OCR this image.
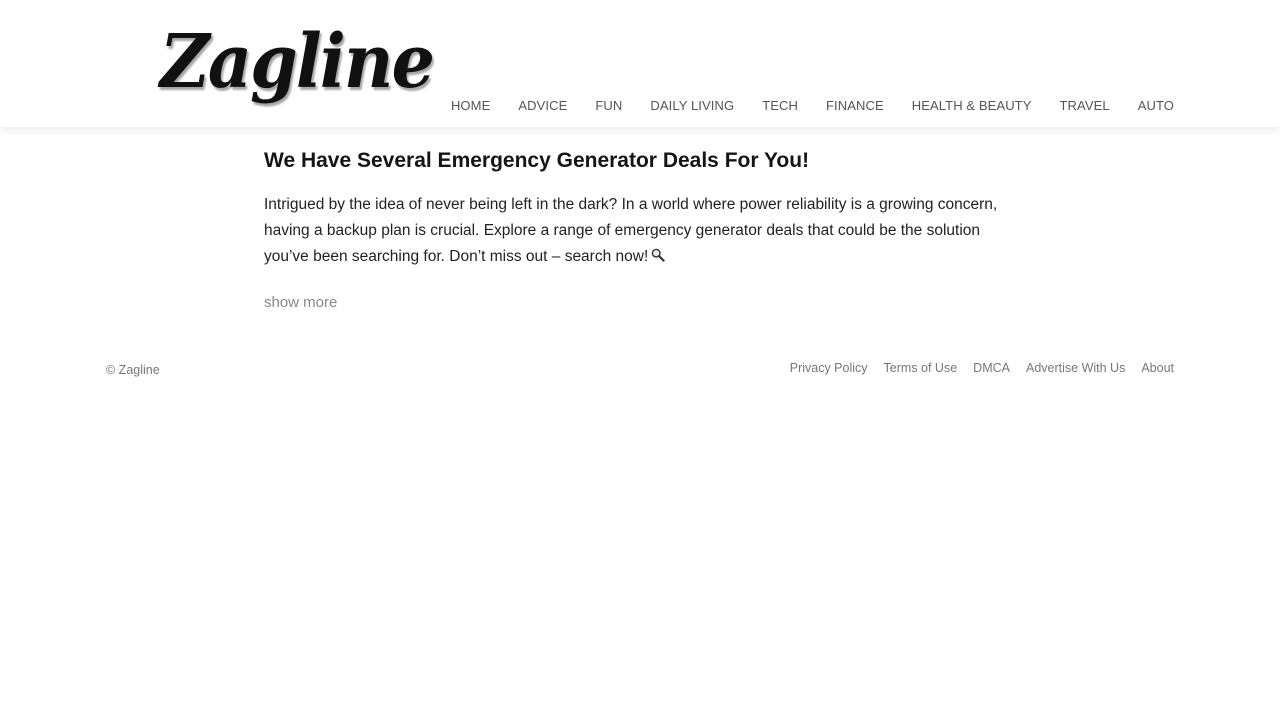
Zagline
HOME ADVICE FUN DAILY LIVING TECH FINANCE HEALTH & BEAUTY TRAVEL AUTO
We Have Several Emergency Generator Deals For You!

Intrigued by the idea of never being left in the dark? In a world where power reliability is a growing concern, having a backup plan is crucial. Explore a range of emergency generator deals that could be the solution you’ve been searching for. Don’t miss out – search now!

show more
© Zagline	Privacy Policy Terms of Use DMCA Advertise With Us About
